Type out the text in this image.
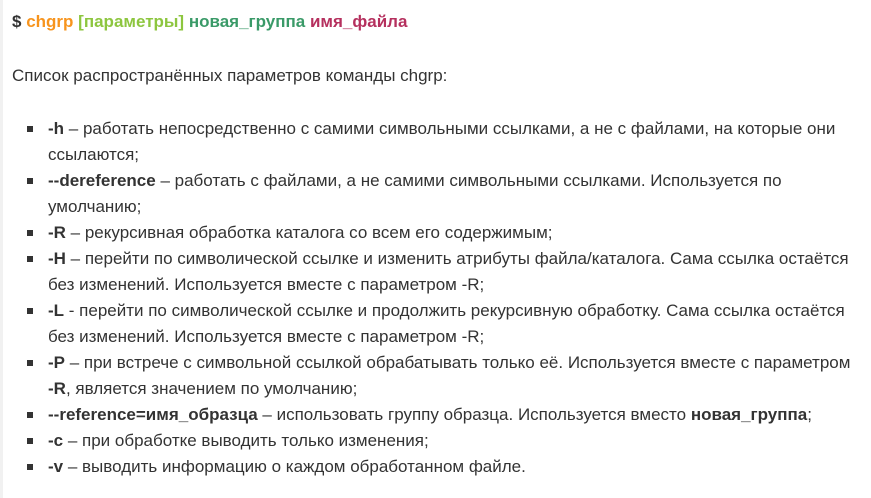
$ chgrp [параметры] новая_группа имя_файла
Список распространённых параметров команды chgrp:
-h – работать непосредственно с самими символьными ссылками, а не с файлами, на которые они ссылаются;
--dereference – работать с файлами, а не самими символьными ссылками. Используется по умолчанию;
-R – рекурсивная обработка каталога со всем его содержимым;
-H – перейти по символической ссылке и изменить атрибуты файла/каталога. Сама ссылка остаётся без изменений. Используется вместе с параметром -R;
-L - перейти по символической ссылке и продолжить рекурсивную обработку. Сама ссылка остаётся без изменений. Используется вместе с параметром -R;
-P – при встрече с символьной ссылкой обрабатывать только её. Используется вместе с параметром -R, является значением по умолчанию;
--reference=имя_образца – использовать группу образца. Используется вместо новая_группа;
-c – при обработке выводить только изменения;
-v – выводить информацию о каждом обработанном файле.
